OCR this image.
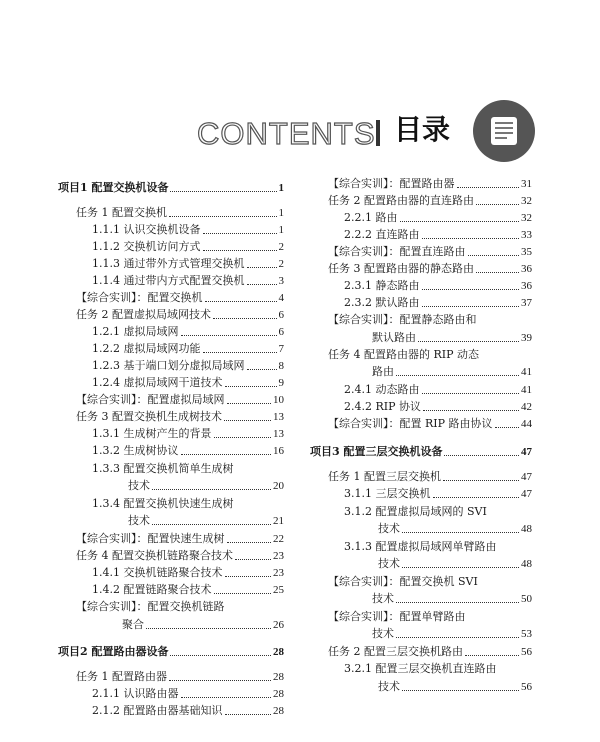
CONTENTS 目录
项目1 配置交换机设备	1
任务 1 配置交换机	1
1.1.1 认识交换机设备	1
1.1.2 交换机访问方式	2
1.1.3 通过带外方式管理交换机	2
1.1.4 通过带内方式配置交换机	3
【综合实训】：配置交换机	4
任务 2 配置虚拟局域网技术	6
1.2.1 虚拟局域网	6
1.2.2 虚拟局域网功能	7
1.2.3 基于端口划分虚拟局域网	8
1.2.4 虚拟局域网干道技术	9
【综合实训】：配置虚拟局域网	10
任务 3 配置交换机生成树技术	13
1.3.1 生成树产生的背景	13
1.3.2 生成树协议	16
1.3.3 配置交换机简单生成树
技术	20
1.3.4 配置交换机快速生成树
技术	21
【综合实训】：配置快速生成树	22
任务 4 配置交换机链路聚合技术	23
1.4.1 交换机链路聚合技术	23
1.4.2 配置链路聚合技术	25
【综合实训】：配置交换机链路
聚合	26
项目2 配置路由器设备	28
任务 1 配置路由器	28
2.1.1 认识路由器	28
2.1.2 配置路由器基础知识	28
【综合实训】：配置路由器	31
任务 2 配置路由器的直连路由	32
2.2.1 路由	32
2.2.2 直连路由	33
【综合实训】：配置直连路由	35
任务 3 配置路由器的静态路由	36
2.3.1 静态路由	36
2.3.2 默认路由	37
【综合实训】：配置静态路由和
默认路由	39
任务 4 配置路由器的 RIP 动态
路由	41
2.4.1 动态路由	41
2.4.2 RIP 协议	42
【综合实训】：配置 RIP 路由协议	44
项目3 配置三层交换机设备	47
任务 1 配置三层交换机	47
3.1.1 三层交换机	47
3.1.2 配置虚拟局域网的 SVI
技术	48
3.1.3 配置虚拟局域网单臂路由
技术	48
【综合实训】：配置交换机 SVI
技术	50
【综合实训】：配置单臂路由
技术	53
任务 2 配置三层交换机路由	56
3.2.1 配置三层交换机直连路由
技术	56
